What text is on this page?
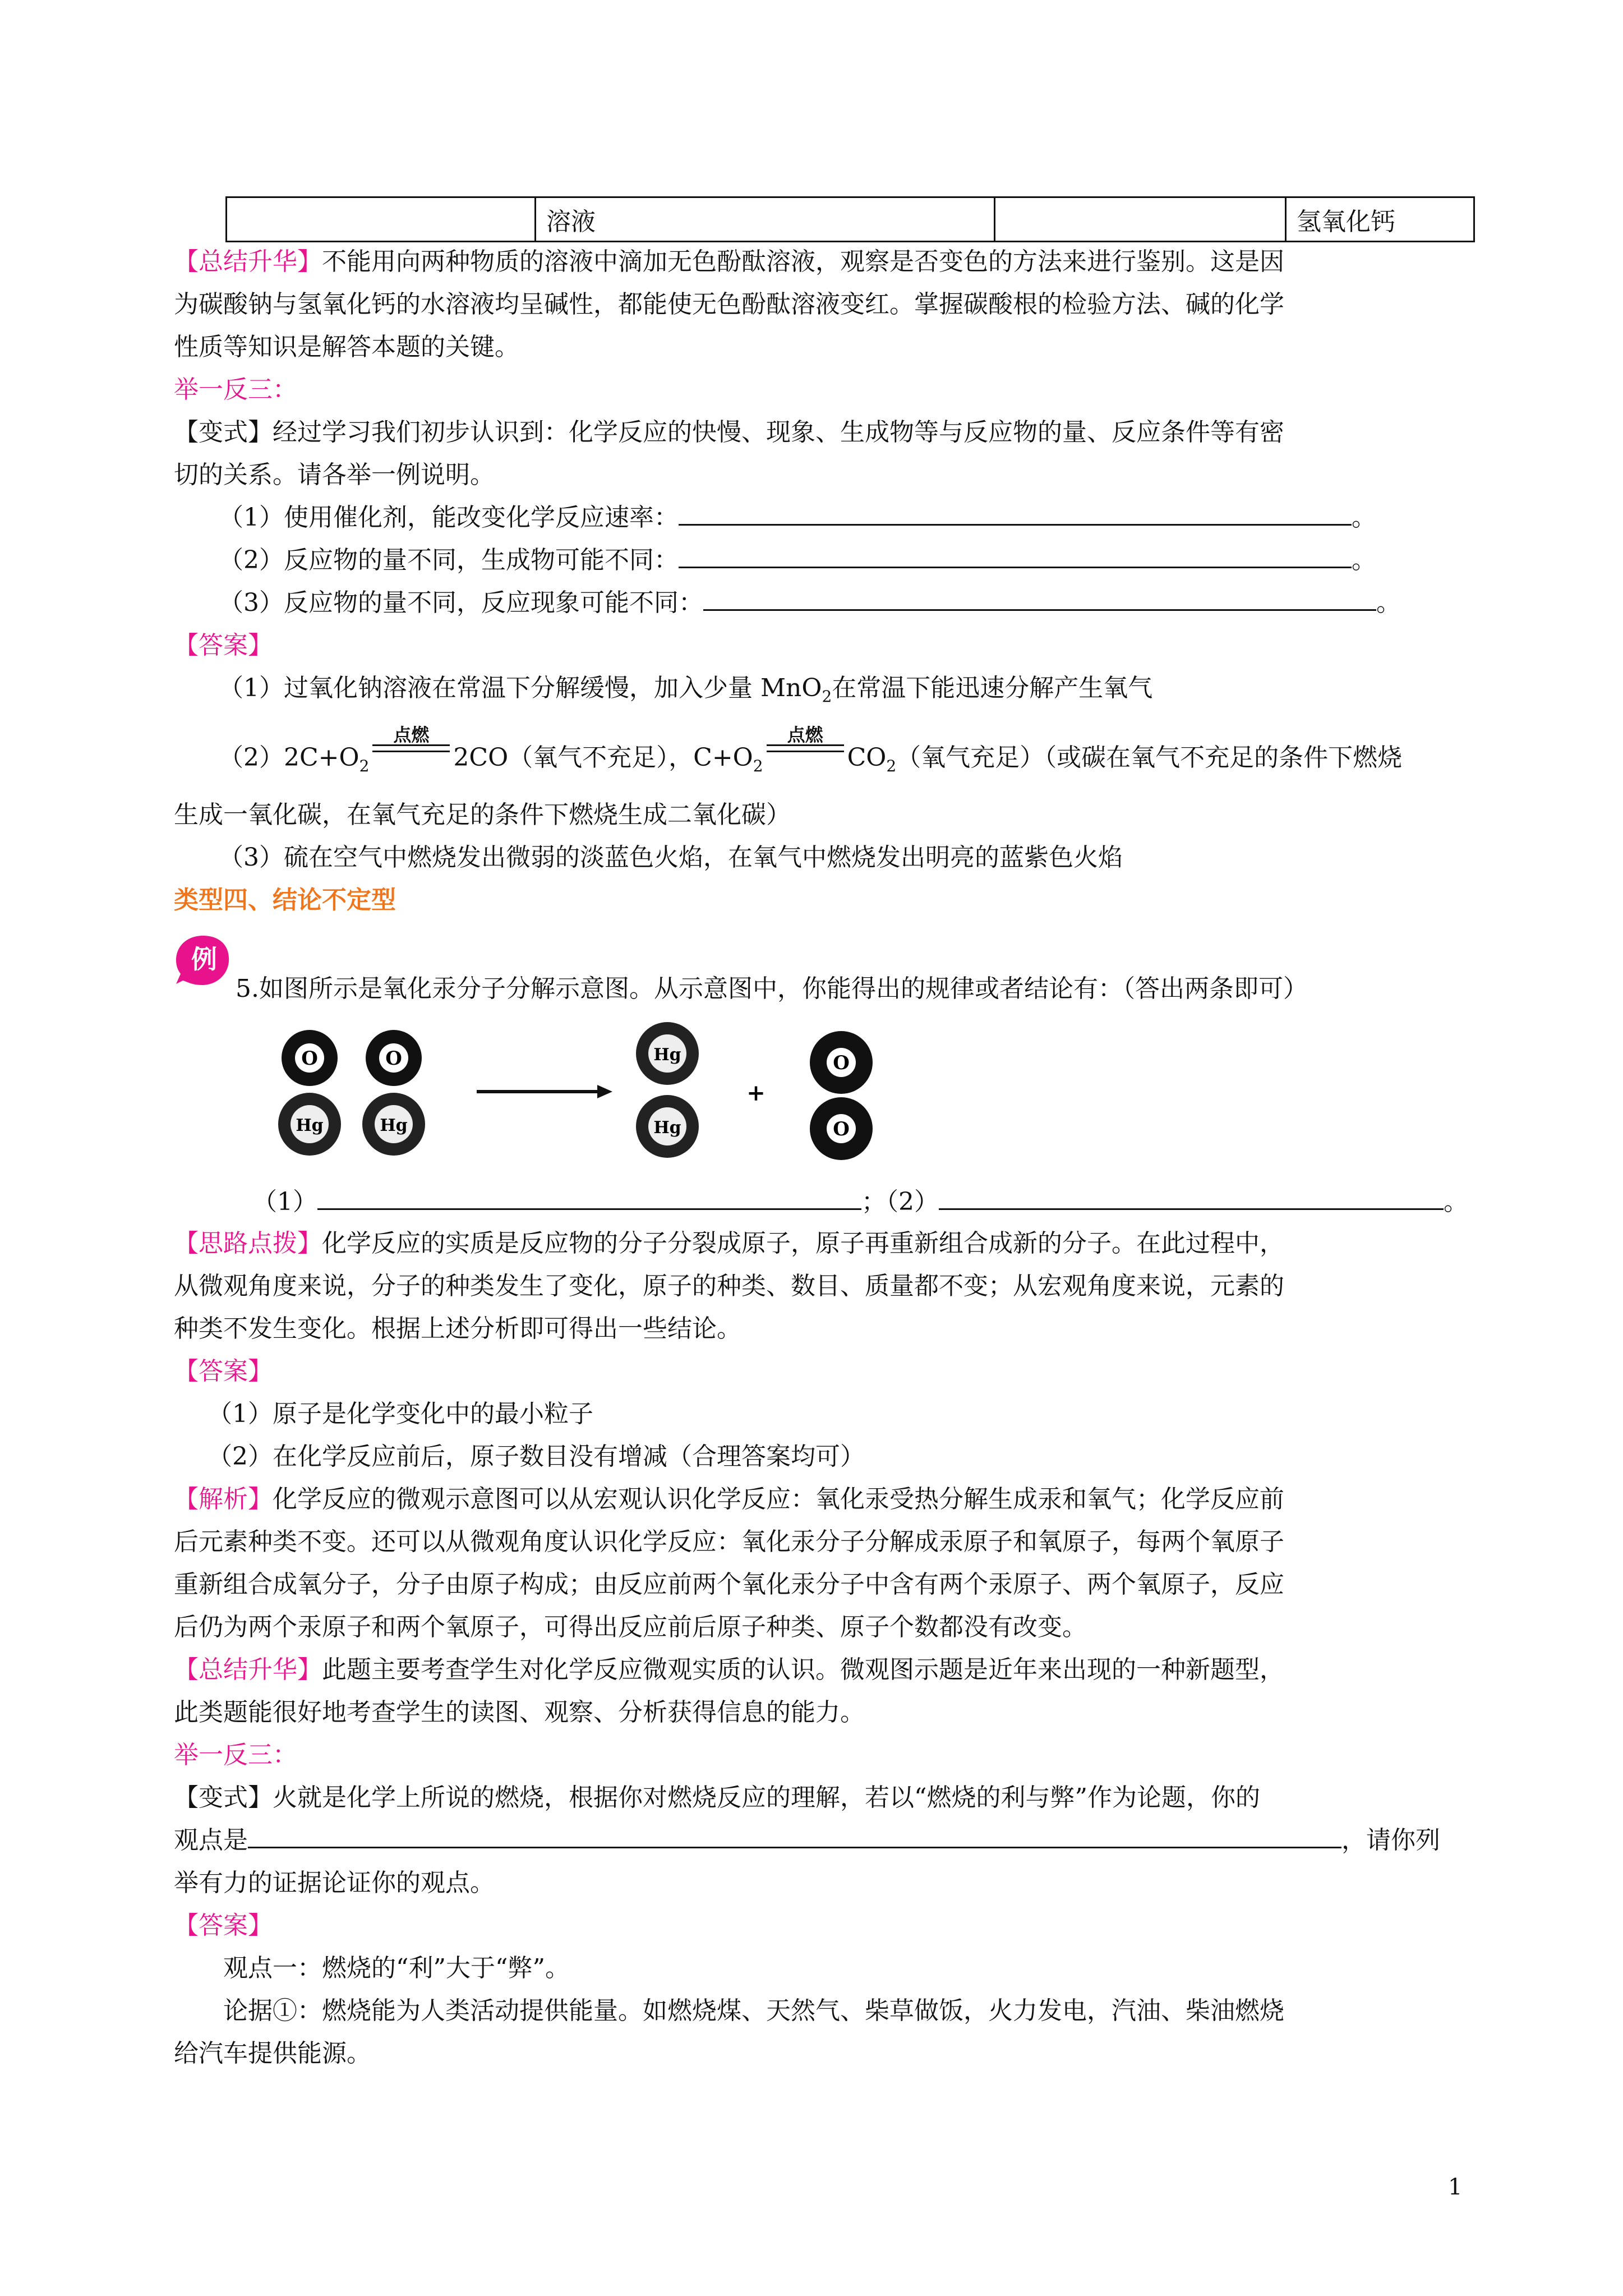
	溶液		氢氧化钙
【总结升华】不能用向两种物质的溶液中滴加无色酚酞溶液，观察是否变色的方法来进行鉴别。这是因
为碳酸钠与氢氧化钙的水溶液均呈碱性，都能使无色酚酞溶液变红。掌握碳酸根的检验方法、碱的化学
性质等知识是解答本题的关键。
举一反三：
【变式】经过学习我们初步认识到：化学反应的快慢、现象、生成物等与反应物的量、反应条件等有密
切的关系。请各举一例说明。
（1）使用催化剂，能改变化学反应速率：	。
（2）反应物的量不同，生成物可能不同：	。
（3）反应物的量不同，反应现象可能不同：	。
【答案】
（1）过氧化钠溶液在常温下分解缓慢，加入少量 MnO$_2$在常温下能迅速分解产生氧气
$(2)2C+O_2$
点燃
2CO（氧气不充足），$C+O_2$
点燃
$CO_2$（氧气充足）（或碳在氧气不充足的条件下燃烧
生成一氧化碳，在氧气充足的条件下燃烧生成二氧化碳）
（3）硫在空气中燃烧发出微弱的淡蓝色火焰，在氧气中燃烧发出明亮的蓝紫色火焰
类型四、结论不定型
例
5.如图所示是氧化汞分子分解示意图。从示意图中，你能得出的规律或者结论有：（答出两条即可）
O
Hg
O
Hg
Hg
Hg
+
O
O
（1）	；（2）	。
【思路点拨】化学反应的实质是反应物的分子分裂成原子，原子再重新组合成新的分子。在此过程中，
从微观角度来说，分子的种类发生了变化，原子的种类、数目、质量都不变；从宏观角度来说，元素的
种类不发生变化。根据上述分析即可得出一些结论。
【答案】
（1）原子是化学变化中的最小粒子
（2）在化学反应前后，原子数目没有增减（合理答案均可）
【解析】化学反应的微观示意图可以从宏观认识化学反应：氧化汞受热分解生成汞和氧气；化学反应前
后元素种类不变。还可以从微观角度认识化学反应：氧化汞分子分解成汞原子和氧原子，每两个氧原子
重新组合成氧分子，分子由原子构成；由反应前两个氧化汞分子中含有两个汞原子、两个氧原子，反应
后仍为两个汞原子和两个氧原子，可得出反应前后原子种类、原子个数都没有改变。
【总结升华】此题主要考查学生对化学反应微观实质的认识。微观图示题是近年来出现的一种新题型，
此类题能很好地考查学生的读图、观察、分析获得信息的能力。
举一反三：
【变式】火就是化学上所说的燃烧，根据你对燃烧反应的理解，若以“燃烧的利与弊”作为论题，你的
观点是	，请你列
举有力的证据论证你的观点。
【答案】
观点一：燃烧的“利”大于“弊”。
论据①：燃烧能为人类活动提供能量。如燃烧煤、天然气、柴草做饭，火力发电，汽油、柴油燃烧
给汽车提供能源。
1
